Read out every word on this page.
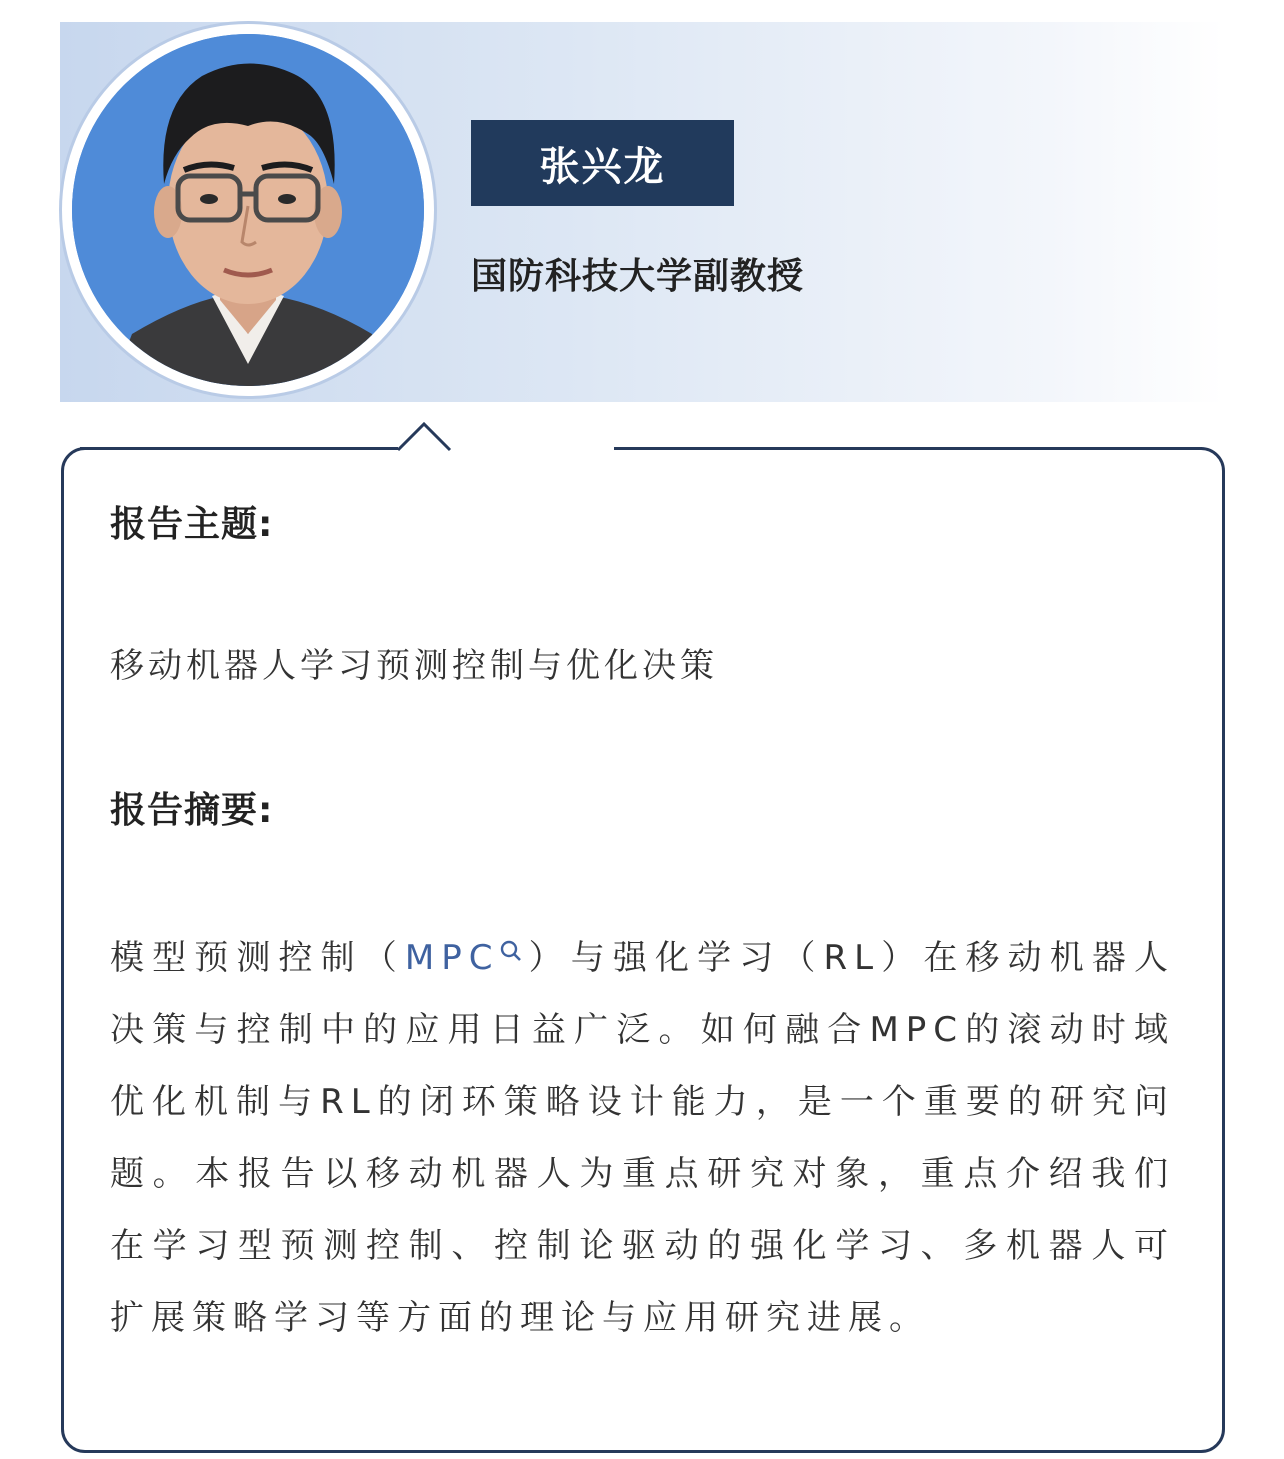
张兴龙
国防科技大学副教授
报告主题:
移动机器人学习预测控制与优化决策
报告摘要:
模型预测控制（MPC ）与强化学习（RL）在移动机器人决策与控制中的应用日益广泛。如何融合MPC的滚动时域优化机制与RL的闭环策略设计能力，是一个重要的研究问题。本报告以移动机器人为重点研究对象，重点介绍我们在学习型预测控制、控制论驱动的强化学习、多机器人可扩展策略学习等方面的理论与应用研究进展。
